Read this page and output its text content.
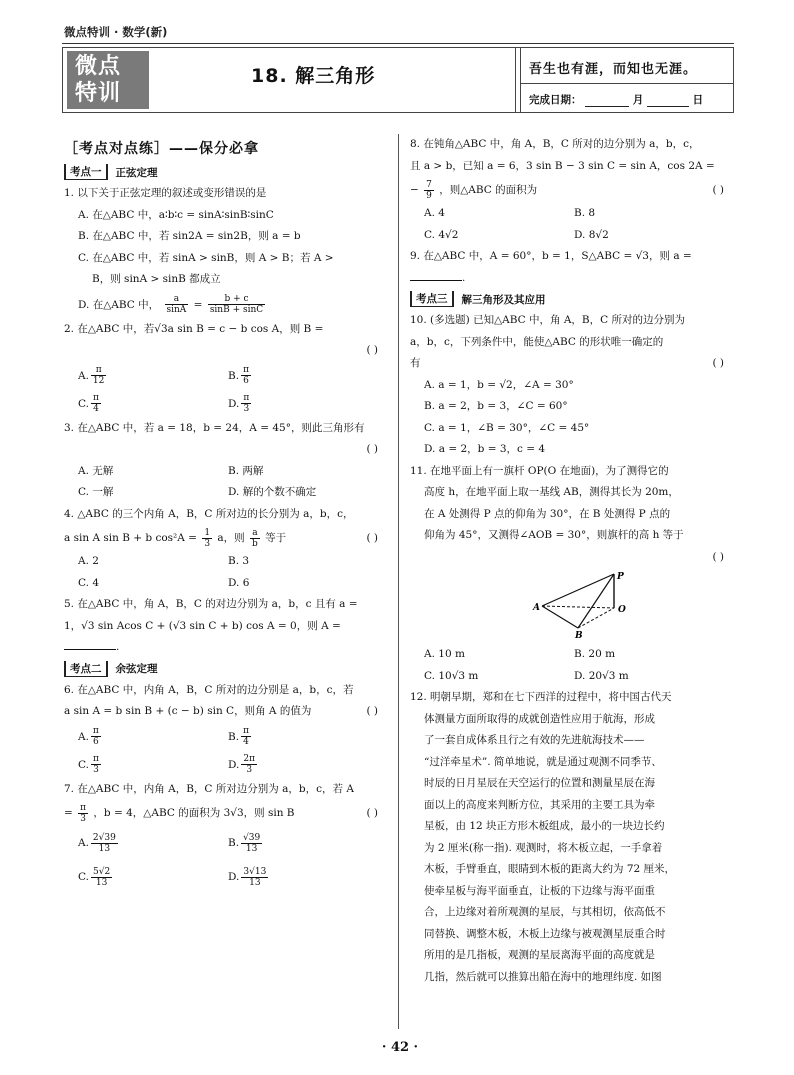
微点特训 · 数学(新)
微点
特训
18. 解三角形	吾生也有涯，而知也无涯。
完成日期：	月	日
［考点对点练］——保分必拿
考点一	正弦定理
1. 以下关于正弦定理的叙述或变形错误的是
A. 在△ABC 中，a∶b∶c = sinA∶sinB∶sinC
B. 在△ABC 中，若 sin2A = sin2B，则 a = b
C. 在△ABC 中，若 sinA > sinB，则 A > B；若 A >
B，则 sinA > sinB 都成立
D. 在△ABC 中， $\frac{a}{\sin A} = \frac{b + c}{\sin B + \sin C}$
2. 在△ABC 中，若√3a sin B = c − b cos A，则 B =
( )
A. $\frac{\pi}{12}$	B. $\frac{\pi}{6}$
C. $\frac{\pi}{4}$	D. $\frac{\pi}{3}$
3. 在△ABC 中，若 a = 18，b = 24，A = 45°，则此三角形有
( )
A. 无解	B. 两解
C. 一解	D. 解的个数不确定
4. △ABC 的三个内角 A，B，C 所对边的长分别为 a，b，c，
a sin A sin B + b $\cos^2A = \frac{1}{3}$ a，则 $\frac{a}{b}$ 等于	( )
A. 2	B. 3
C. 4	D. 6
5. 在△ABC 中，角 A，B，C 的对边分别为 a，b，c 且有 a =
1，√3 sin Acos C + (√3 sin C + b) cos A = 0，则 A =
.
考点二	余弦定理
6. 在△ABC 中，内角 A，B，C 所对的边分别是 a，b，c，若
a sin A = b sin B + (c − b) sin C，则角 A 的值为	( )
A. $\frac{\pi}{6}$	B. $\frac{\pi}{4}$
C. $\frac{\pi}{3}$	D. $\frac{2\pi}{3}$
7. 在△ABC 中，内角 A，B，C 所对边分别为 a，b，c，若 A
= $\frac{\pi}{3}$ ，b = 4，△ABC 的面积为 3√3，则 sin B	( )
A. $\frac{2√39}{13}$	B. $\frac{√39}{13}$
C. $\frac{5√2}{13}$	D. $\frac{3√13}{13}$
8. 在钝角△ABC 中，角 A，B，C 所对的边分别为 a，b，c，
且 a > b，已知 a = 6，3 sin B − 3 sin C = sin A，cos 2A =
− $\frac{7}{9}$ ，则△ABC 的面积为	( )
A. 4	B. 8
C. 4√2	D. 8√2
9. 在△ABC 中，A = 60°，b = 1，S△ABC = √3，则 a =.
考点三	解三角形及其应用
10. (多选题) 已知△ABC 中，角 A，B，C 所对的边分别为
a，b，c，下列条件中，能使△ABC 的形状唯一确定的
有	( )
A. a = 1，b = √2，∠A = 30°
B. a = 2，b = 3，∠C = 60°
C. a = 1，∠B = 30°，∠C = 45°
D. a = 2，b = 3，c = 4
11. 在地平面上有一旗杆 OP(O 在地面)，为了测得它的
高度 h，在地平面上取一基线 AB，测得其长为 20m，
在 A 处测得 P 点的仰角为 30°，在 B 处测得 P 点的
仰角为 45°，又测得∠AOB = 30°，则旗杆的高 h 等于
( )
P
A	O
B
A. 10 m	B. 20 m
C. 10√3 m	D. 20√3 m
12. 明朝早期，郑和在七下西洋的过程中，将中国古代天
体测量方面所取得的成就创造性应用于航海，形成
了一套自成体系且行之有效的先进航海技术——
“过洋牵星术”. 简单地说，就是通过观测不同季节、
时辰的日月星辰在天空运行的位置和测量星辰在海
面以上的高度来判断方位，其采用的主要工具为牵
星板，由 12 块正方形木板组成，最小的一块边长约
为 2 厘米(称一指). 观测时，将木板立起，一手拿着
木板，手臂垂直，眼睛到木板的距离大约为 72 厘米，
使牵星板与海平面垂直，让板的下边缘与海平面重
合，上边缘对着所观测的星辰，与其相切，依高低不
同替换、调整木板，木板上边缘与被观测星辰重合时
所用的是几指板，观测的星辰离海平面的高度就是
几指，然后就可以推算出船在海中的地理纬度. 如图
· 42 ·
